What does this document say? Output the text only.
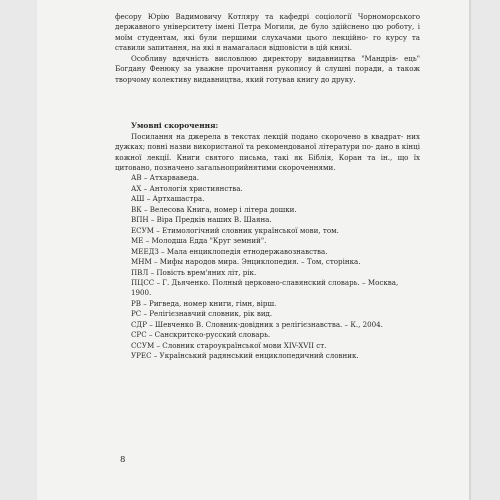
фесору Юрію Вадимовичу Котляру та кафедрі соціології Чорноморського державного університету імені Петра Могили, де було здійснено цю роботу, і моїм студентам, які були першими слухачами цього лекційно- го курсу та ставили запитання, на які я намагалася відповісти в цій книзі.

Особливу вдячність висловлюю директору видавництва "Мандрів- ець" Богдану Фенюку за уважне прочитання рукопису й слушні поради, а також творчому колективу видавництва, який готував книгу до друку.

Умовні скорочення:

Посилання на джерела в текстах лекцій подано скорочено в квадрат- них дужках; повні назви використаної та рекомендованої літератури по- дано в кінці кожної лекції. Книги святого письма, такі як Біблія, Коран та ін., що їх цитовано, позначено загальноприйнятими скороченнями.

АВ – Атхарваведа.
АХ – Антологія християнства.
АШ – Артхашастра.
ВК – Велесова Книга, номер і літера дошки.
ВПН – Віра Предків наших В. Шаяна.
ЕСУМ – Етимологічний словник української мови, том.
МЕ – Молодша Едда "Круг земний".
МЕЕДЗ – Мала енциклопедія етнодержавознавства.
МНМ – Мифы народов мира. Энциклопедия. – Том, сторінка.
ПВЛ – Повість врем'яних літ, рік.
ПЦСС – Г. Дьяченко. Полный церковно-славянский словарь. – Москва,
1900.
РВ – Ригведа, номер книги, гімн, вірш.
РС – Релігієзнавчий словник, рік вид.
СДР – Шевченко В. Словник-довідник з релігієзнавства. – К., 2004.
СРС – Санскритско-русский словарь.
ССУМ – Словник староукраїнської мови XIV-XVII ст.
УРЕС – Український радянський енциклопедичний словник.
8
